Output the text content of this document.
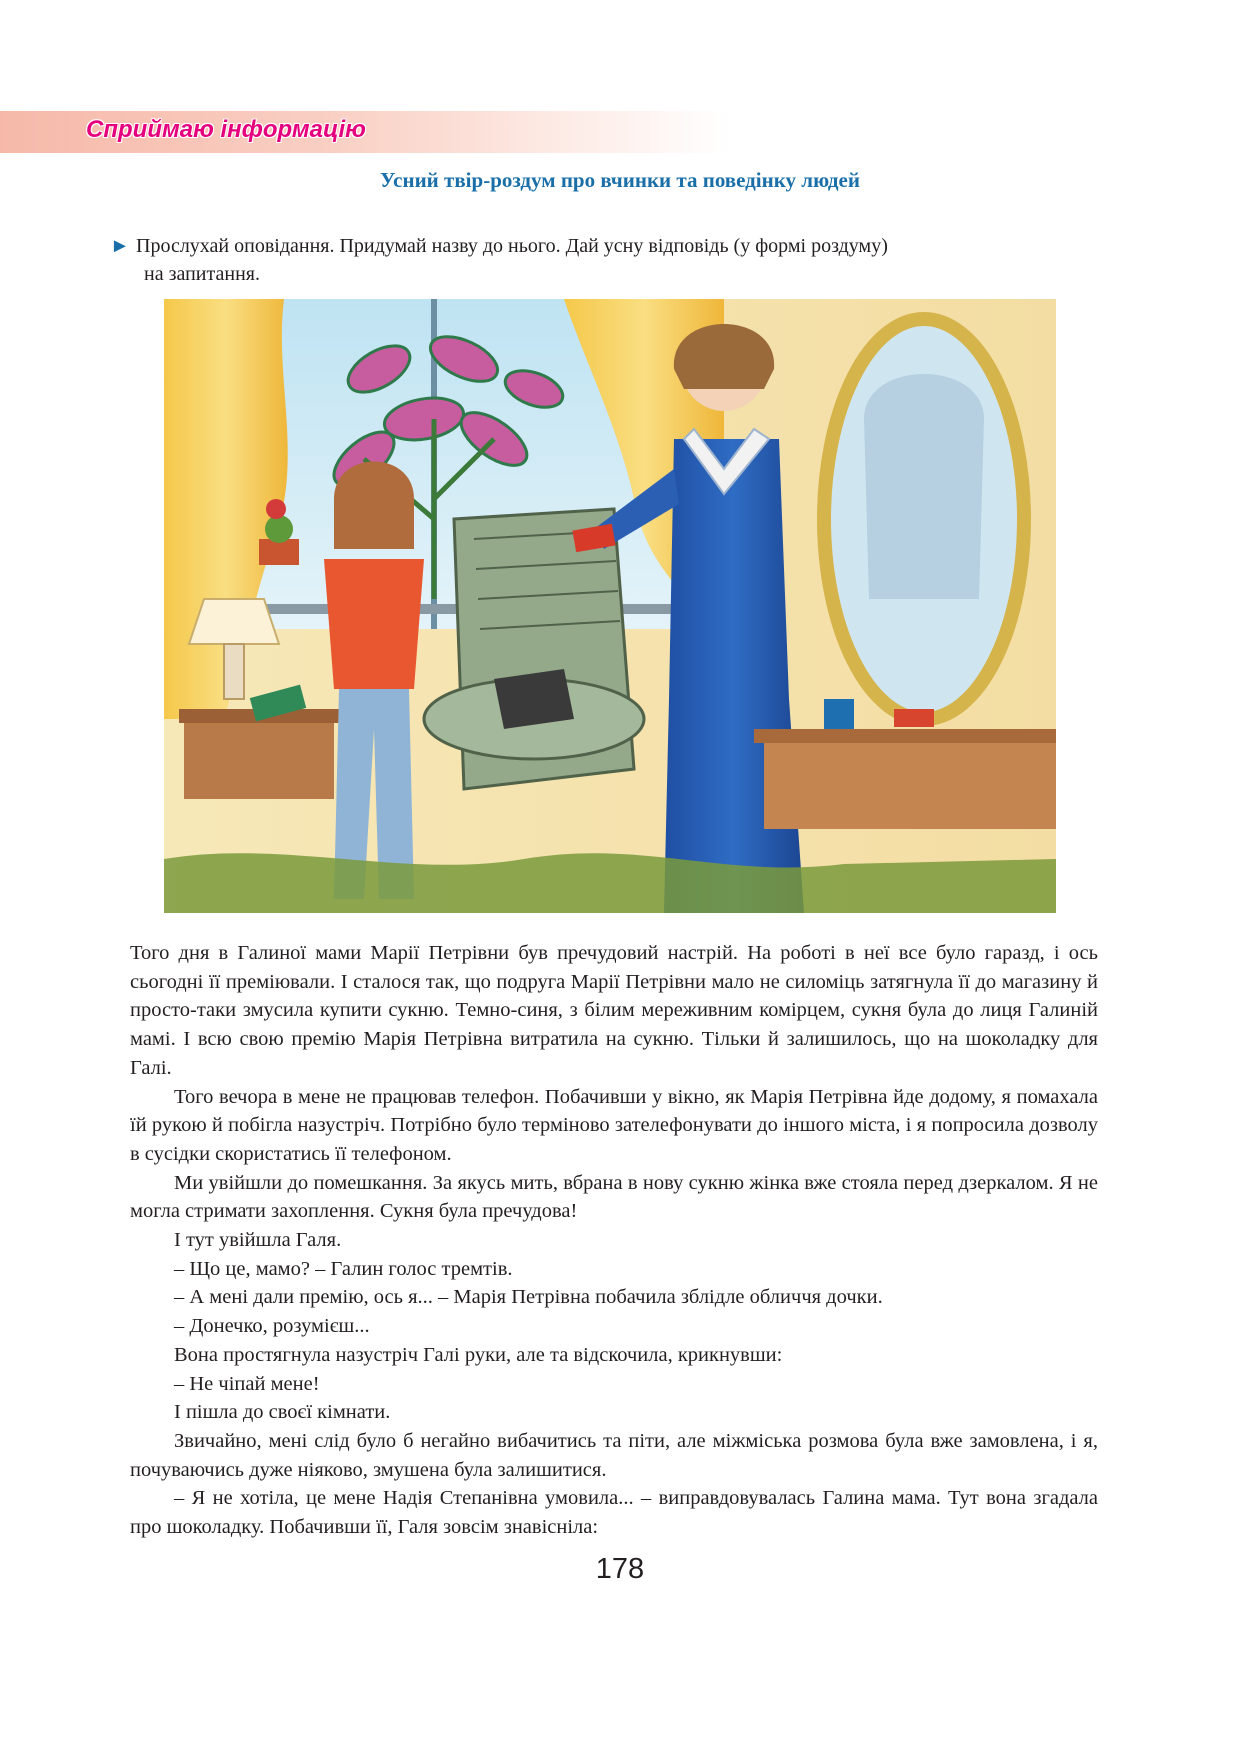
Сприймаю інформацію
Усний твір-роздум про вчинки та поведінку людей
► Прослухай оповідання. Придумай назву до нього. Дай усну відповідь (у формі роздуму)
на запитання.

Того дня в Галиної мами Марії Петрівни був пречудовий настрій. На роботі в неї все було гаразд, і ось сьогодні її преміювали. І сталося так, що подруга Марії Петрівни мало не силоміць затягнула її до магазину й просто-таки змусила купити сукню. Темно-синя, з білим мереживним комірцем, сукня була до лиця Галиній мамі. І всю свою премію Марія Петрівна витратила на сукню. Тільки й залишилось, що на шоколадку для Галі.

Того вечора в мене не працював телефон. Побачивши у вікно, як Марія Петрівна йде додому, я помахала їй рукою й побігла назустріч. Потрібно було терміново зателефонувати до іншого міста, і я попросила дозволу в сусідки скористатись її телефоном.

Ми увійшли до помешкання. За якусь мить, вбрана в нову сукню жінка вже стояла перед дзеркалом. Я не могла стримати захоплення. Сукня була пречудова!

І тут увійшла Галя.

– Що це, мамо? – Галин голос тремтів.

– А мені дали премію, ось я... – Марія Петрівна побачила зблідле обличчя дочки.

– Донечко, розумієш...

Вона простягнула назустріч Галі руки, але та відскочила, крикнувши:

– Не чіпай мене!

І пішла до своєї кімнати.

Звичайно, мені слід було б негайно вибачитись та піти, але міжміська розмова була вже замовлена, і я, почуваючись дуже ніяково, змушена була залишитися.

– Я не хотіла, це мене Надія Степанівна умовила... – виправдовувалась Галина мама. Тут вона згадала про шоколадку. Побачивши її, Галя зовсім знавісніла:

178
